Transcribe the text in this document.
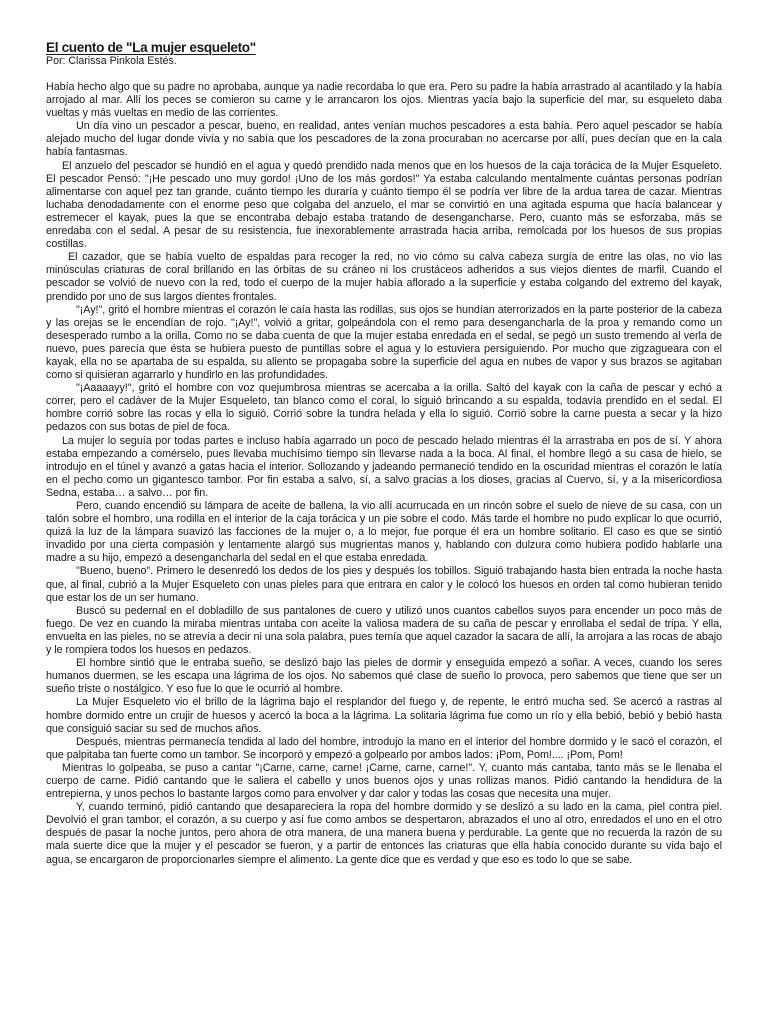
El cuento de "La mujer esqueleto"
Por: Clarissa Pinkola Estés.

Había hecho algo que su padre no aprobaba, aunque ya nadie recordaba lo que era. Pero su padre la había arrastrado al acantilado y la había arrojado al mar. Allí los peces se comieron su carne y le arrancaron los ojos. Mientras yacía bajo la superficie del mar, su esqueleto daba vueltas y más vueltas en medio de las corrientes.

Un día vino un pescador a pescar, bueno, en realidad, antes venían muchos pescadores a esta bahía. Pero aquel pescador se había alejado mucho del lugar donde vivía y no sabía que los pescadores de la zona procuraban no acercarse por allí, pues decían que en la cala había fantasmas.

El anzuelo del pescador se hundió en el agua y quedó prendido nada menos que en los huesos de la caja torácica de la Mujer Esqueleto. El pescador Pensó: "¡He pescado uno muy gordo! ¡Uno de los más gordos!" Ya estaba calculando mentalmente cuántas personas podrían alimentarse con aquel pez tan grande, cuánto tiempo les duraría y cuánto tiempo él se podría ver libre de la ardua tarea de cazar. Mientras luchaba denodadamente con el enorme peso que colgaba del anzuelo, el mar se convirtió en una agitada espuma que hacía balancear y estremecer el kayak, pues la que se encontraba debajo estaba tratando de desengancharse. Pero, cuanto más se esforzaba, más se enredaba con el sedal. A pesar de su resistencia, fue inexorablemente arrastrada hacia arriba, remolcada por los huesos de sus propias costillas.

El cazador, que se había vuelto de espaldas para recoger la red, no vio cómo su calva cabeza surgía de entre las olas, no vio las minúsculas criaturas de coral brillando en las órbitas de su cráneo ni los crustáceos adheridos a sus viejos dientes de marfil. Cuando el pescador se volvió de nuevo con la red, todo el cuerpo de la mujer había aflorado a la superficie y estaba colgando del extremo del kayak, prendido por uno de sus largos dientes frontales.

"¡Ay!", gritó el hombre mientras el corazón le caía hasta las rodillas, sus ojos se hundían aterrorizados en la parte posterior de la cabeza y las orejas se le encendían de rojo. "¡Ay!", volvió a gritar, golpeándola con el remo para desengancharla de la proa y remando como un desesperado rumbo a la orilla. Como no se daba cuenta de que la mujer estaba enredada en el sedal, se pegó un susto tremendo al verla de nuevo, pues parecía que ésta se hubiera puesto de puntillas sobre el agua y lo estuviera persiguiendo. Por mucho que zigzagueara con el kayak, ella no se apartaba de su espalda, su aliento se propagaba sobre la superficie del agua en nubes de vapor y sus brazos se agitaban como si quisieran agarrarlo y hundirlo en las profundidades.

"¡Aaaaayy!", gritó el hombre con voz quejumbrosa mientras se acercaba a la orilla. Saltó del kayak con la caña de pescar y echó a correr, pero el cadáver de la Mujer Esqueleto, tan blanco como el coral, lo siguió brincando a su espalda, todavía prendido en el sedal. El hombre corrió sobre las rocas y ella lo siguió. Corrió sobre la tundra helada y ella lo siguió. Corrió sobre la carne puesta a secar y la hizo pedazos con sus botas de piel de foca.

La mujer lo seguía por todas partes e incluso había agarrado un poco de pescado helado mientras él la arrastraba en pos de sí. Y ahora estaba empezando a comérselo, pues llevaba muchísimo tiempo sin llevarse nada a la boca. Al final, el hombre llegó a su casa de hielo, se introdujo en el túnel y avanzó a gatas hacia el interior. Sollozando y jadeando permaneció tendido en la oscuridad mientras el corazón le latía en el pecho como un gigantesco tambor. Por fin estaba a salvo, sí, a salvo gracias a los dioses, gracias al Cuervo, sí, y a la misericordiosa Sedna, estaba… a salvo… por fin.

Pero, cuando encendió su lámpara de aceite de ballena, la vio allí acurrucada en un rincón sobre el suelo de nieve de su casa, con un talón sobre el hombro, una rodilla en el interior de la caja torácica y un pie sobre el codo. Más tarde el hombre no pudo explicar lo que ocurrió, quizá la luz de la lámpara suavizó las facciones de la mujer o, a lo mejor, fue porque él era un hombre solitario. El caso es que se sintió invadido por una cierta compasión y lentamente alargó sus mugrientas manos y, hablando con dulzura como hubiera podido hablarle una madre a su hijo, empezó a desengancharla del sedal en el que estaba enredada.

"Bueno, bueno". Primero le desenredó los dedos de los pies y después los tobillos. Siguió trabajando hasta bien entrada la noche hasta que, al final, cubrió a la Mujer Esqueleto con unas pieles para que entrara en calor y le colocó los huesos en orden tal como hubieran tenido que estar los de un ser humano.

Buscó su pedernal en el dobladillo de sus pantalones de cuero y utilizó unos cuantos cabellos suyos para encender un poco más de fuego. De vez en cuando la miraba mientras untaba con aceite la valiosa madera de su caña de pescar y enrollaba el sedal de tripa. Y ella, envuelta en las pieles, no se atrevía a decir ni una sola palabra, pues temía que aquel cazador la sacara de allí, la arrojara a las rocas de abajo y le rompiera todos los huesos en pedazos.

El hombre sintió que le entraba sueño, se deslizó bajo las pieles de dormir y enseguida empezó a soñar. A veces, cuando los seres humanos duermen, se les escapa una lágrima de los ojos. No sabemos qué clase de sueño lo provoca, pero sabemos que tiene que ser un sueño triste o nostálgico. Y eso fue lo que le ocurrió al hombre.

La Mujer Esqueleto vio el brillo de la lágrima bajo el resplandor del fuego y, de repente, le entró mucha sed. Se acercó a rastras al hombre dormido entre un crujir de huesos y acercó la boca a la lágrima. La solitaria lágrima fue como un río y ella bebió, bebió y bebió hasta que consiguió saciar su sed de muchos años.

Después, mientras permanecía tendida al lado del hombre, introdujo la mano en el interior del hombre dormido y le sacó el corazón, el que palpitaba tan fuerte como un tambor. Se incorporó y empezó a golpearlo por ambos lados: ¡Pom, Pom!.... ¡Pom, Pom!

Mientras lo golpeaba, se puso a cantar "¡Carne, carne, carne! ¡Carne, carne, carne!". Y, cuanto más cantaba, tanto más se le llenaba el cuerpo de carne. Pidió cantando que le saliera el cabello y unos buenos ojos y unas rollizas manos. Pidió cantando la hendidura de la entrepierna, y unos pechos lo bastante largos como para envolver y dar calor y todas las cosas que necesita una mujer.

Y, cuando terminó, pidió cantando que desapareciera la ropa del hombre dormido y se deslizó a su lado en la cama, piel contra piel. Devolvió el gran tambor, el corazón, a su cuerpo y así fue como ambos se despertaron, abrazados el uno al otro, enredados el uno en el otro después de pasar la noche juntos, pero ahora de otra manera, de una manera buena y perdurable. La gente que no recuerda la razón de su mala suerte dice que la mujer y el pescador se fueron, y a partir de entonces las criaturas que ella había conocido durante su vida bajo el agua, se encargaron de proporcionarles siempre el alimento. La gente dice que es verdad y que eso es todo lo que se sabe.
